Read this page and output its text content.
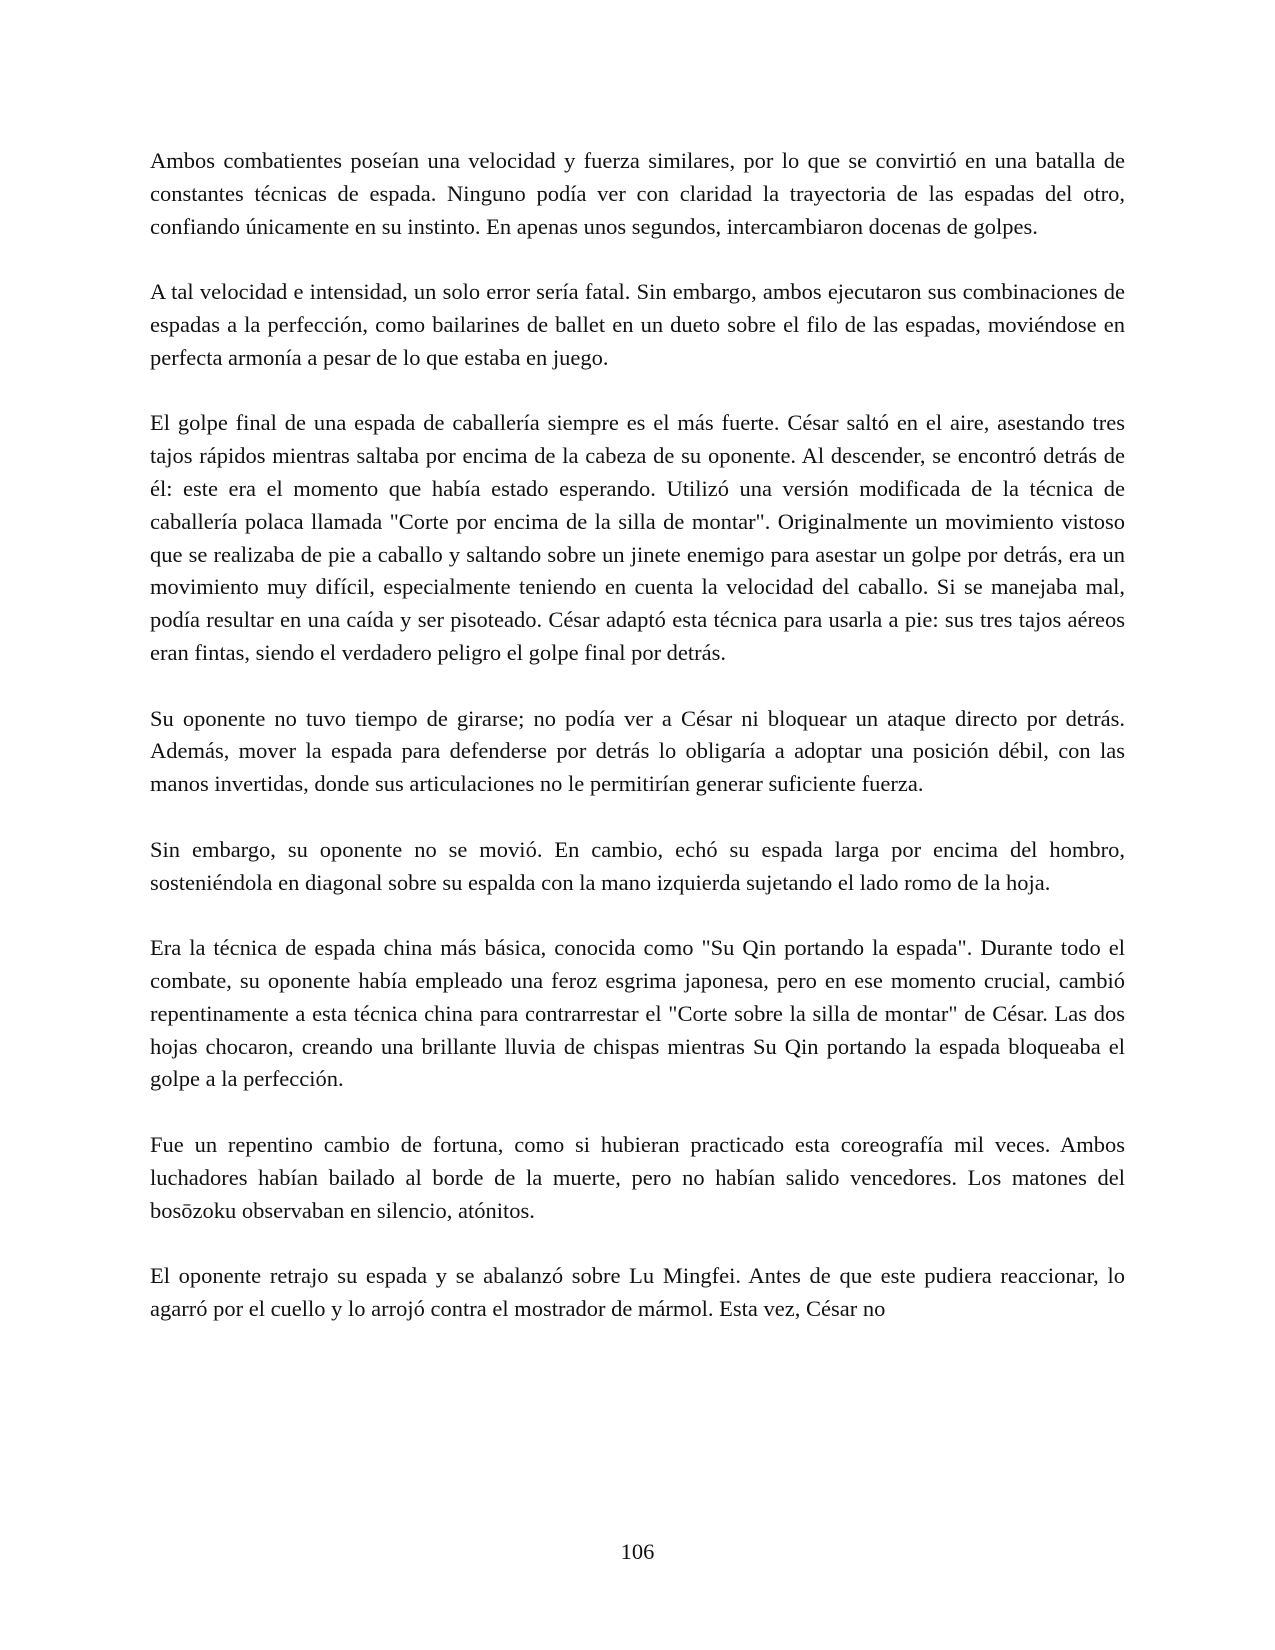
Ambos combatientes poseían una velocidad y fuerza similares, por lo que se convirtió en una batalla de constantes técnicas de espada. Ninguno podía ver con claridad la trayectoria de las espadas del otro, confiando únicamente en su instinto. En apenas unos segundos, intercambiaron docenas de golpes.

A tal velocidad e intensidad, un solo error sería fatal. Sin embargo, ambos ejecutaron sus combinaciones de espadas a la perfección, como bailarines de ballet en un dueto sobre el filo de las espadas, moviéndose en perfecta armonía a pesar de lo que estaba en juego.

El golpe final de una espada de caballería siempre es el más fuerte. César saltó en el aire, asestando tres tajos rápidos mientras saltaba por encima de la cabeza de su oponente. Al descender, se encontró detrás de él: este era el momento que había estado esperando. Utilizó una versión modificada de la técnica de caballería polaca llamada "Corte por encima de la silla de montar". Originalmente un movimiento vistoso que se realizaba de pie a caballo y saltando sobre un jinete enemigo para asestar un golpe por detrás, era un movimiento muy difícil, especialmente teniendo en cuenta la velocidad del caballo. Si se manejaba mal, podía resultar en una caída y ser pisoteado. César adaptó esta técnica para usarla a pie: sus tres tajos aéreos eran fintas, siendo el verdadero peligro el golpe final por detrás.

Su oponente no tuvo tiempo de girarse; no podía ver a César ni bloquear un ataque directo por detrás. Además, mover la espada para defenderse por detrás lo obligaría a adoptar una posición débil, con las manos invertidas, donde sus articulaciones no le permitirían generar suficiente fuerza.

Sin embargo, su oponente no se movió. En cambio, echó su espada larga por encima del hombro, sosteniéndola en diagonal sobre su espalda con la mano izquierda sujetando el lado romo de la hoja.

Era la técnica de espada china más básica, conocida como "Su Qin portando la espada". Durante todo el combate, su oponente había empleado una feroz esgrima japonesa, pero en ese momento crucial, cambió repentinamente a esta técnica china para contrarrestar el "Corte sobre la silla de montar" de César. Las dos hojas chocaron, creando una brillante lluvia de chispas mientras Su Qin portando la espada bloqueaba el golpe a la perfección.

Fue un repentino cambio de fortuna, como si hubieran practicado esta coreografía mil veces. Ambos luchadores habían bailado al borde de la muerte, pero no habían salido vencedores. Los matones del bosōzoku observaban en silencio, atónitos.

El oponente retrajo su espada y se abalanzó sobre Lu Mingfei. Antes de que este pudiera reaccionar, lo agarró por el cuello y lo arrojó contra el mostrador de mármol. Esta vez, César no

106
